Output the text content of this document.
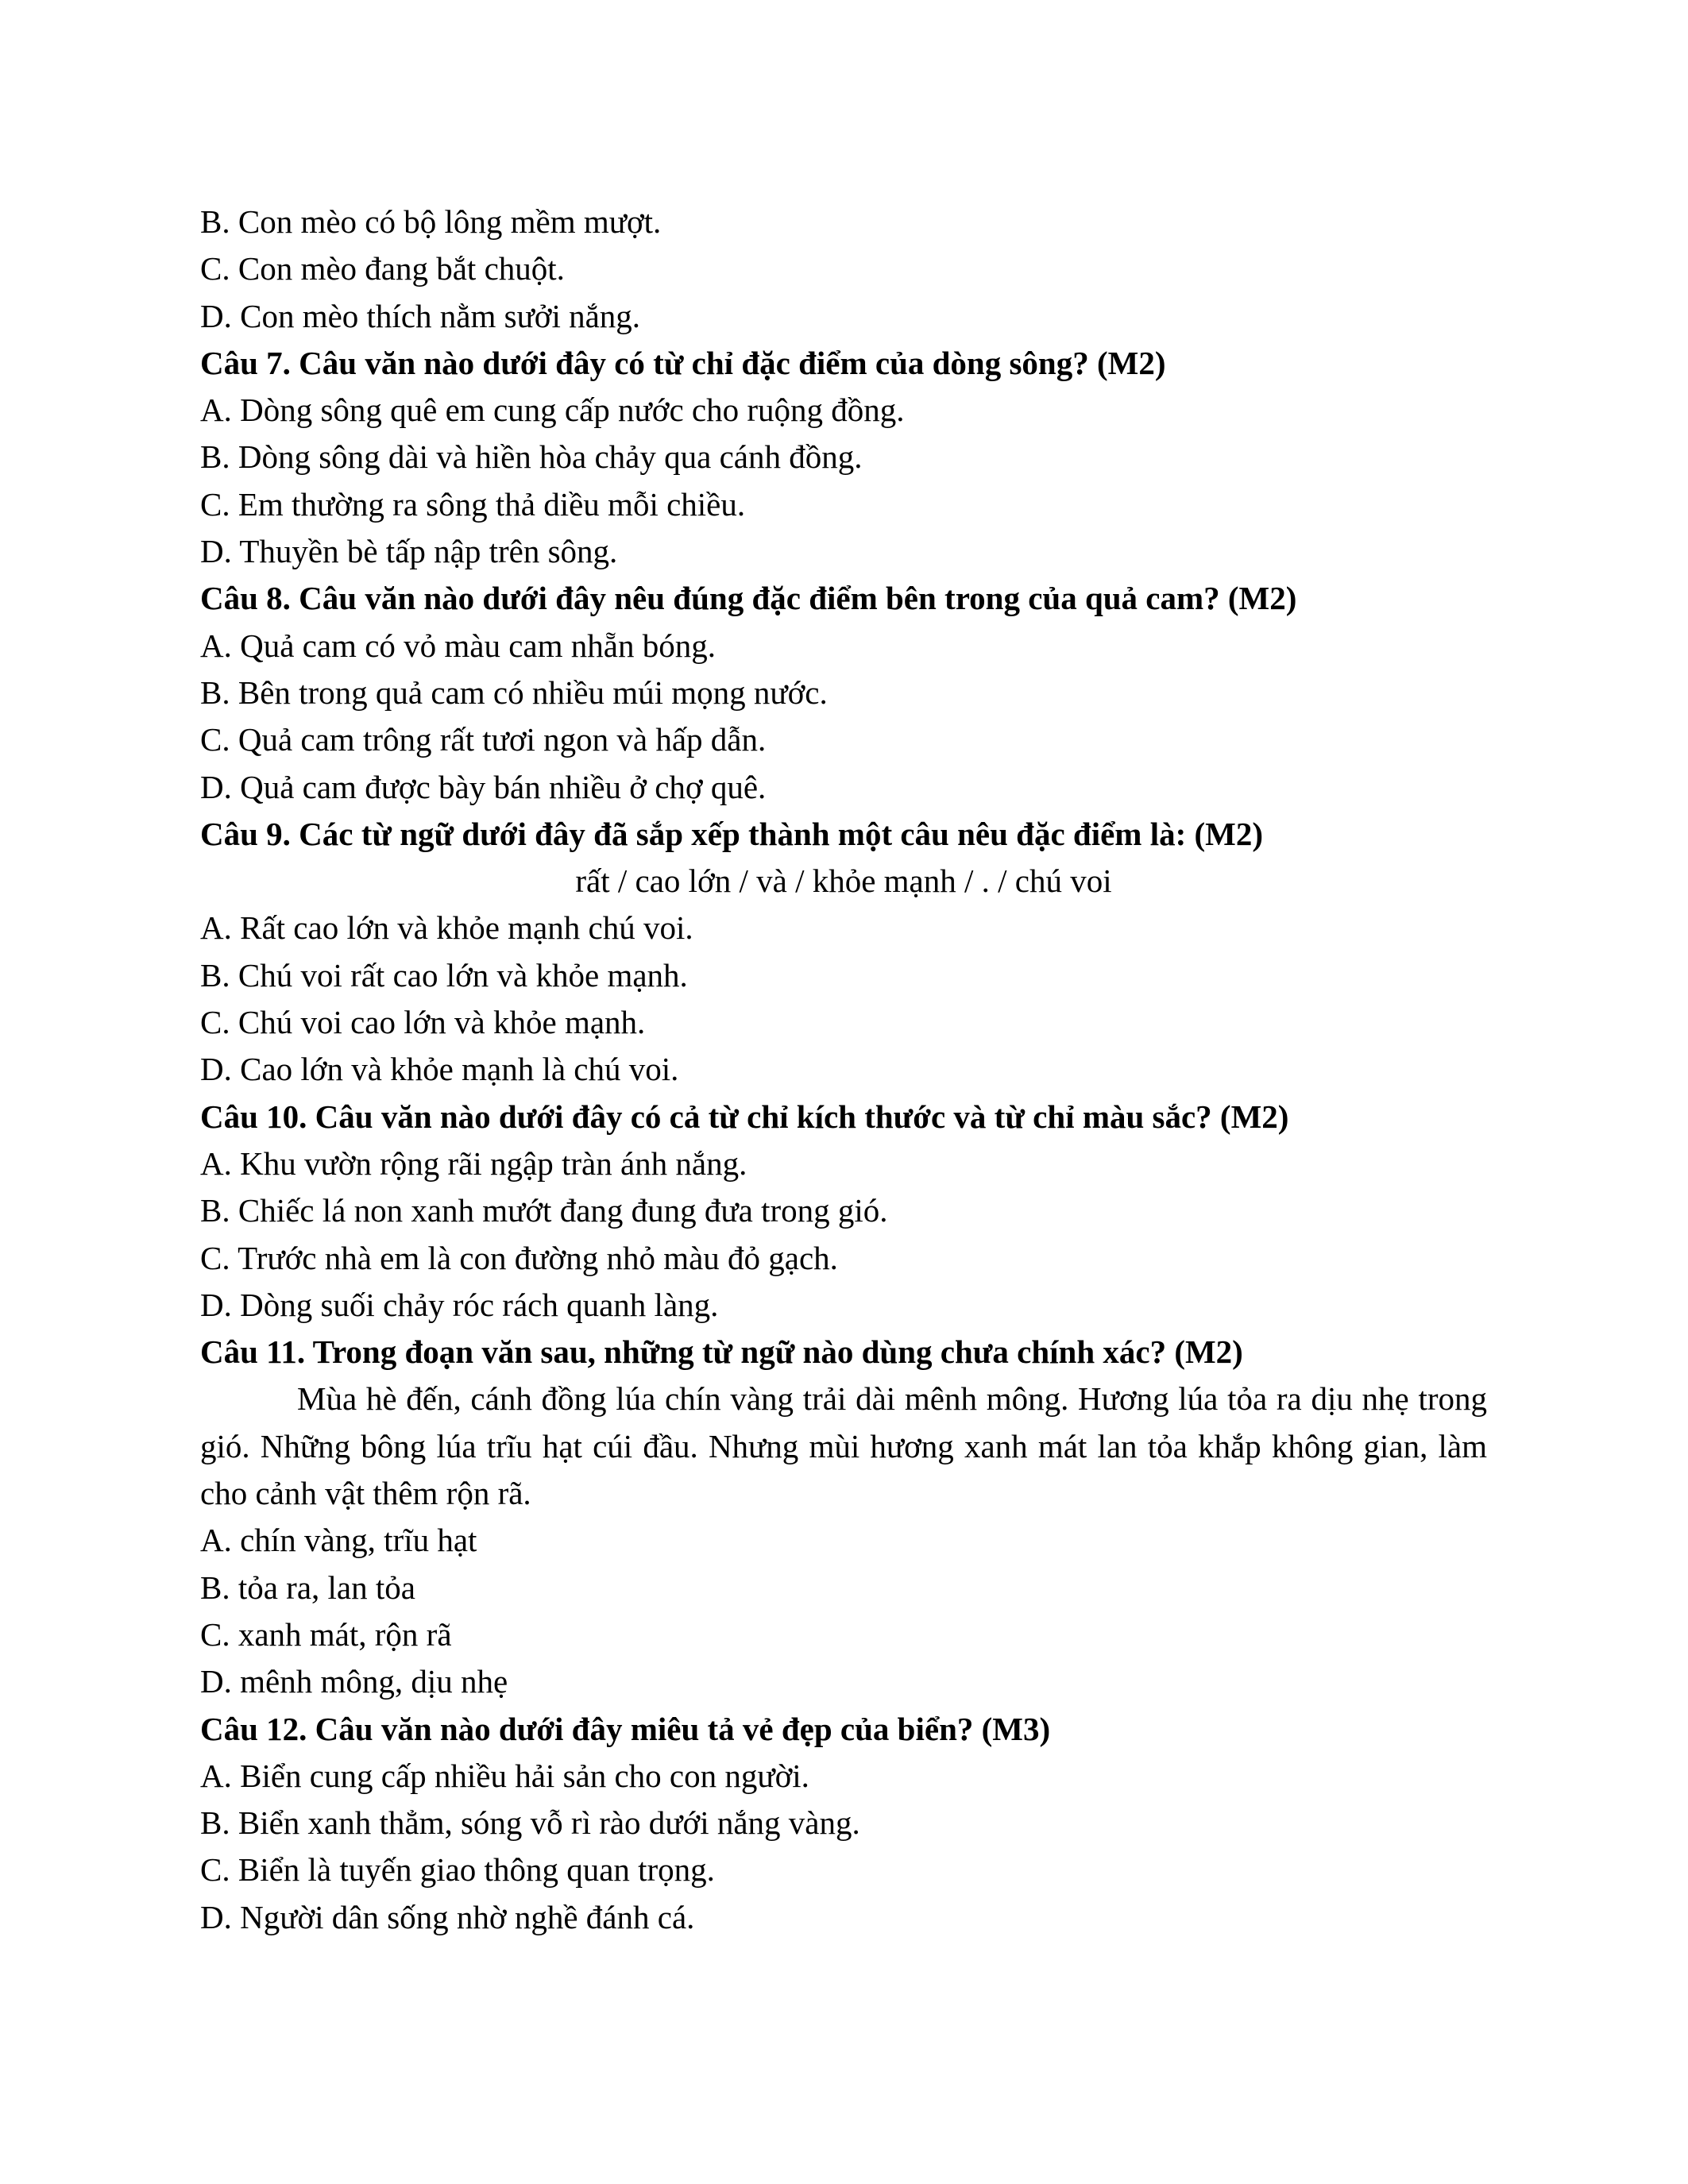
B. Con mèo có bộ lông mềm mượt.
C. Con mèo đang bắt chuột.
D. Con mèo thích nằm sưởi nắng.
Câu 7. Câu văn nào dưới đây có từ chỉ đặc điểm của dòng sông? (M2)
A. Dòng sông quê em cung cấp nước cho ruộng đồng.
B. Dòng sông dài và hiền hòa chảy qua cánh đồng.
C. Em thường ra sông thả diều mỗi chiều.
D. Thuyền bè tấp nập trên sông.
Câu 8. Câu văn nào dưới đây nêu đúng đặc điểm bên trong của quả cam? (M2)
A. Quả cam có vỏ màu cam nhẵn bóng.
B. Bên trong quả cam có nhiều múi mọng nước.
C. Quả cam trông rất tươi ngon và hấp dẫn.
D. Quả cam được bày bán nhiều ở chợ quê.
Câu 9. Các từ ngữ dưới đây đã sắp xếp thành một câu nêu đặc điểm là: (M2)
rất / cao lớn / và / khỏe mạnh / . / chú voi
A. Rất cao lớn và khỏe mạnh chú voi.
B. Chú voi rất cao lớn và khỏe mạnh.
C. Chú voi cao lớn và khỏe mạnh.
D. Cao lớn và khỏe mạnh là chú voi.
Câu 10. Câu văn nào dưới đây có cả từ chỉ kích thước và từ chỉ màu sắc? (M2)
A. Khu vườn rộng rãi ngập tràn ánh nắng.
B. Chiếc lá non xanh mướt đang đung đưa trong gió.
C. Trước nhà em là con đường nhỏ màu đỏ gạch.
D. Dòng suối chảy róc rách quanh làng.
Câu 11. Trong đoạn văn sau, những từ ngữ nào dùng chưa chính xác? (M2)

Mùa hè đến, cánh đồng lúa chín vàng trải dài mênh mông. Hương lúa tỏa ra dịu nhẹ trong gió. Những bông lúa trĩu hạt cúi đầu. Nhưng mùi hương xanh mát lan tỏa khắp không gian, làm cho cảnh vật thêm rộn rã.

A. chín vàng, trĩu hạt
B. tỏa ra, lan tỏa
C. xanh mát, rộn rã
D. mênh mông, dịu nhẹ
Câu 12. Câu văn nào dưới đây miêu tả vẻ đẹp của biển? (M3)
A. Biển cung cấp nhiều hải sản cho con người.
B. Biển xanh thẳm, sóng vỗ rì rào dưới nắng vàng.
C. Biển là tuyến giao thông quan trọng.
D. Người dân sống nhờ nghề đánh cá.
